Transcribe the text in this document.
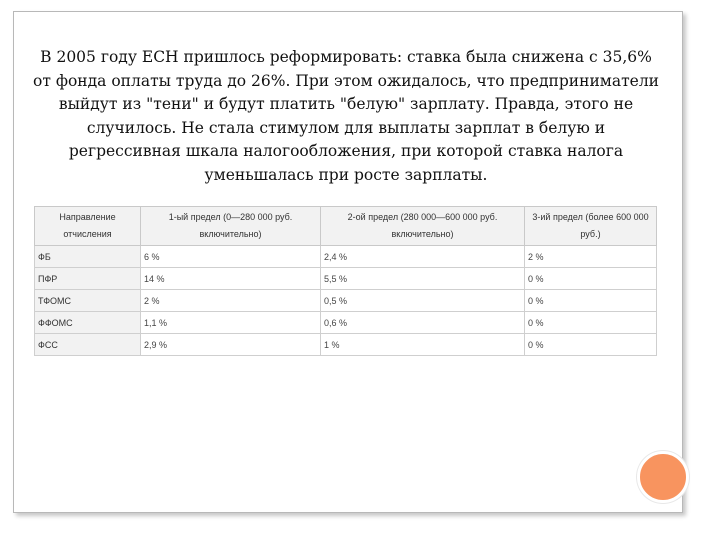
В 2005 году ЕСН пришлось реформировать: ставка была снижена с 35,6% от фонда оплаты труда до 26%. При этом ожидалось, что предприниматели выйдут из "тени" и будут платить "белую" зарплату. Правда, этого не случилось. Не стала стимулом для выплаты зарплат в белую и регрессивная шкала налогообложения, при которой ставка налога уменьшалась при росте зарплаты.

Направление отчисления	1-ый предел (0—280 000 руб. включительно)	2-ой предел (280 000—600 000 руб. включительно)	3-ий предел (более 600 000 руб.)
ФБ	6 %	2,4 %	2 %
ПФР	14 %	5,5 %	0 %
ТФОМС	2 %	0,5 %	0 %
ФФОМС	1,1 %	0,6 %	0 %
ФСС	2,9 %	1 %	0 %
